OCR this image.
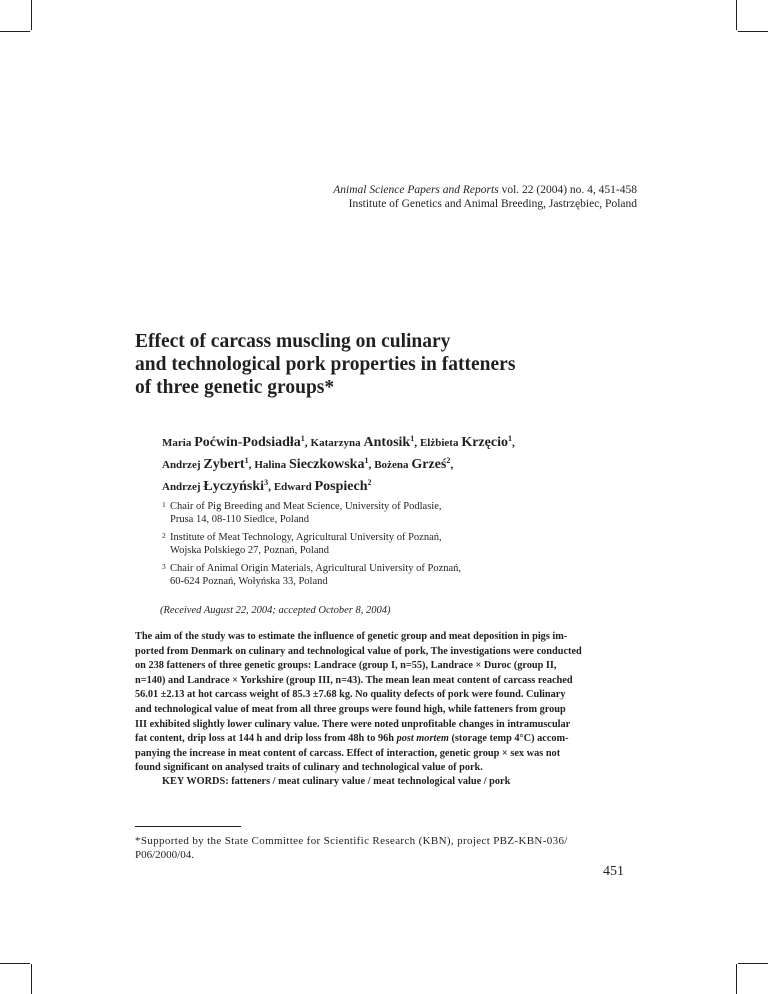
Animal Science Papers and Reports vol. 22 (2004) no. 4, 451-458
Institute of Genetics and Animal Breeding, Jastrzębiec, Poland
Effect of carcass muscling on culinary
and technological pork properties in fatteners
of three genetic groups*
Maria Poćwin-Podsiadła$^1$, Katarzyna Antosik$^1$, Elżbieta Krzęcio$^1$,
Andrzej Zybert$^1$, Halina Sieczkowska$^1$, Bożena Grześ$^2$,
Andrzej Łyczyński$^3$, Edward Pospiech$^2$
1 Chair of Pig Breeding and Meat Science, University of Podlasie,
Prusa 14, 08-110 Siedlce, Poland
2 Institute of Meat Technology, Agricultural University of Poznań,
Wojska Polskiego 27, Poznań, Poland
3 Chair of Animal Origin Materials, Agricultural University of Poznań,
60-624 Poznań, Wołyńska 33, Poland
(Received August 22, 2004; accepted October 8, 2004)
The aim of the study was to estimate the influence of genetic group and meat deposition in pigs im-
ported from Denmark on culinary and technological value of pork, The investigations were conducted
on 238 fatteners of three genetic groups: Landrace (group I, n=55), Landrace × Duroc (group II,
n=140) and Landrace × Yorkshire (group III, n=43). The mean lean meat content of carcass reached
56.01 ±2.13 at hot carcass weight of 85.3 ±7.68 kg. No quality defects of pork were found. Culinary
and technological value of meat from all three groups were found high, while fatteners from group
III exhibited slightly lower culinary value. There were noted unprofitable changes in intramuscular
fat content, drip loss at 144 h and drip loss from 48h to 96h post mortem (storage temp 4°C) accom-
panying the increase in meat content of carcass. Effect of interaction, genetic group × sex was not
found significant on analysed traits of culinary and technological value of pork.
KEY WORDS: fatteners / meat culinary value / meat technological value / pork
*Supported by the State Committee for Scientific Research (KBN), project PBZ-KBN-036/
P06/2000/04.
451
